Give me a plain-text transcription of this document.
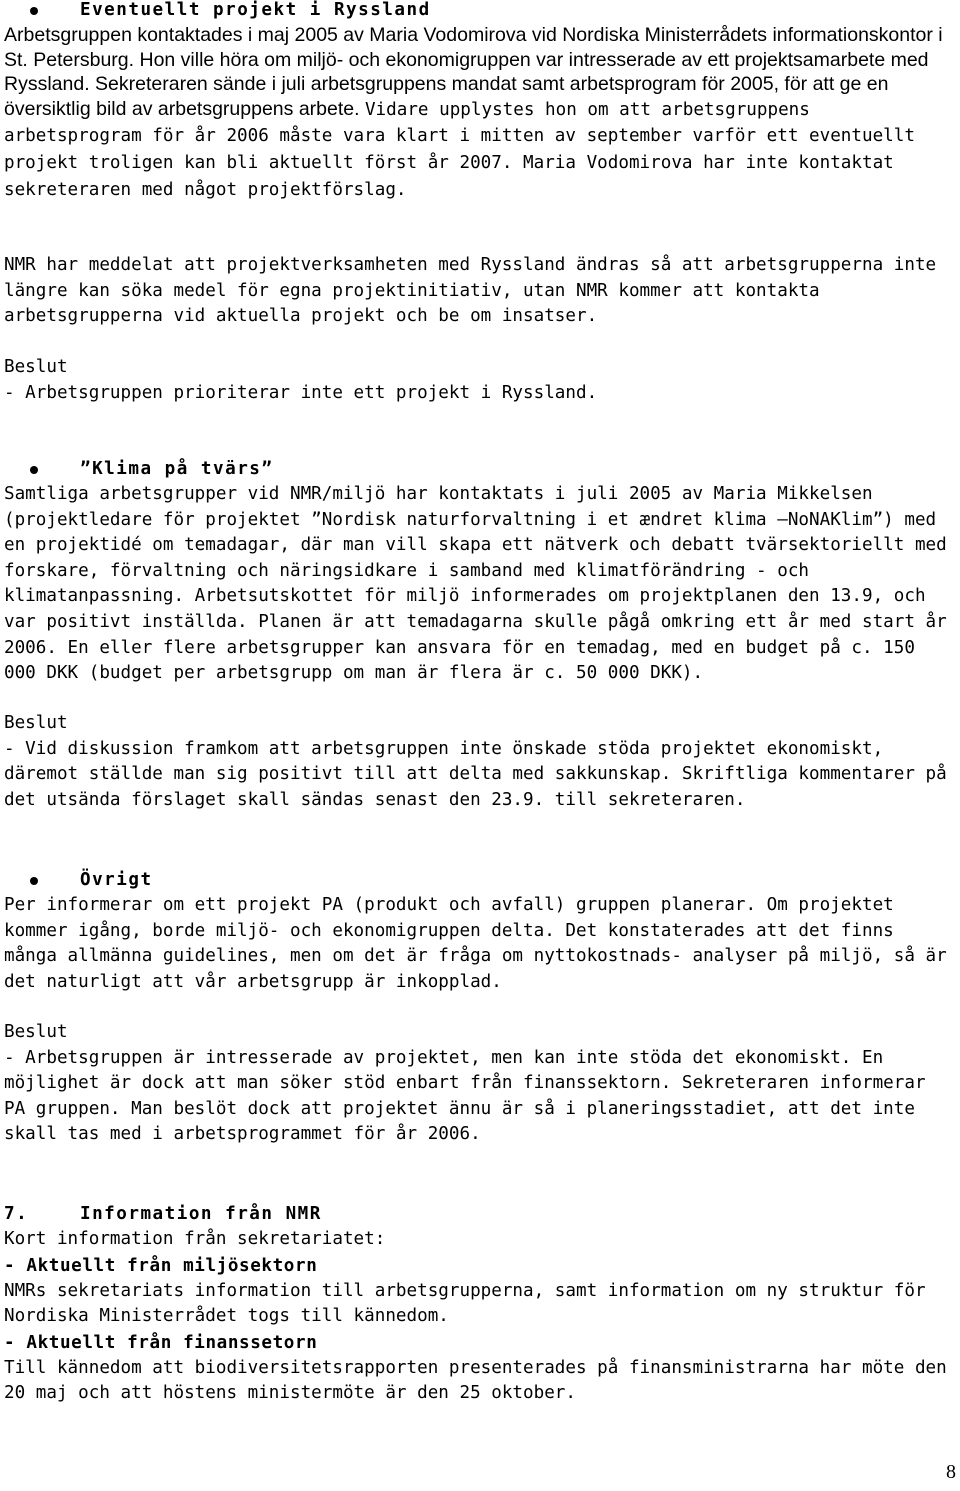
Eventuellt projekt i Ryssland

Arbetsgruppen kontaktades i maj 2005 av Maria Vodomirova vid Nordiska Ministerrådets informationskontor i St. Petersburg. Hon ville höra om miljö- och ekonomigruppen var intresserade av ett projektsamarbete med Ryssland. Sekreteraren sände i juli arbetsgruppens mandat samt arbetsprogram för 2005, för att ge en översiktlig bild av arbetsgruppens arbete. Vidare upplystes hon om att arbetsgruppens arbetsprogram för år 2006 måste vara klart i mitten av september varför ett eventuellt projekt troligen kan bli aktuellt först år 2007. Maria Vodomirova har inte kontaktat sekreteraren med något projektförslag.

NMR har meddelat att projektverksamheten med Ryssland ändras så att arbetsgrupperna inte längre kan söka medel för egna projektinitiativ, utan NMR kommer att kontakta arbetsgrupperna vid aktuella projekt och be om insatser.

Beslut

- Arbetsgruppen prioriterar inte ett projekt i Ryssland.

”Klima på tvärs”

Samtliga arbetsgrupper vid NMR/miljö har kontaktats i juli 2005 av Maria Mikkelsen (projektledare för projektet ”Nordisk naturforvaltning i et ændret klima –NoNAKlim”) med en projektidé om temadagar, där man vill skapa ett nätverk och debatt tvärsektoriellt med forskare, förvaltning och näringsidkare i samband med klimatförändring - och klimatanpassning. Arbetsutskottet för miljö informerades om projektplanen den 13.9, och var positivt inställda. Planen är att temadagarna skulle pågå omkring ett år med start år 2006. En eller flere arbetsgrupper kan ansvara för en temadag, med en budget på c. 150 000 DKK (budget per arbetsgrupp om man är flera är c. 50 000 DKK).

Beslut

- Vid diskussion framkom att arbetsgruppen inte önskade stöda projektet ekonomiskt, däremot ställde man sig positivt till att delta med sakkunskap. Skriftliga kommentarer på det utsända förslaget skall sändas senast den 23.9. till sekreteraren.

Övrigt

Per informerar om ett projekt PA (produkt och avfall) gruppen planerar. Om projektet kommer igång, borde miljö- och ekonomigruppen delta. Det konstaterades att det finns många allmänna guidelines, men om det är fråga om nyttokostnads- analyser på miljö, så är det naturligt att vår arbetsgrupp är inkopplad.

Beslut

- Arbetsgruppen är intresserade av projektet, men kan inte stöda det ekonomiskt. En möjlighet är dock att man söker stöd enbart från finanssektorn. Sekreteraren informerar PA gruppen. Man beslöt dock att projektet ännu är så i planeringsstadiet, att det inte skall tas med i arbetsprogrammet för år 2006.

7.	Information från NMR

Kort information från sekretariatet:

- Aktuellt från miljösektorn

NMRs sekretariats information till arbetsgrupperna, samt information om ny struktur för Nordiska Ministerrådet togs till kännedom.

- Aktuellt från finanssetorn

Till kännedom att biodiversitetsrapporten presenterades på finansministrarna har möte den 20 maj och att höstens ministermöte är den 25 oktober.

8
